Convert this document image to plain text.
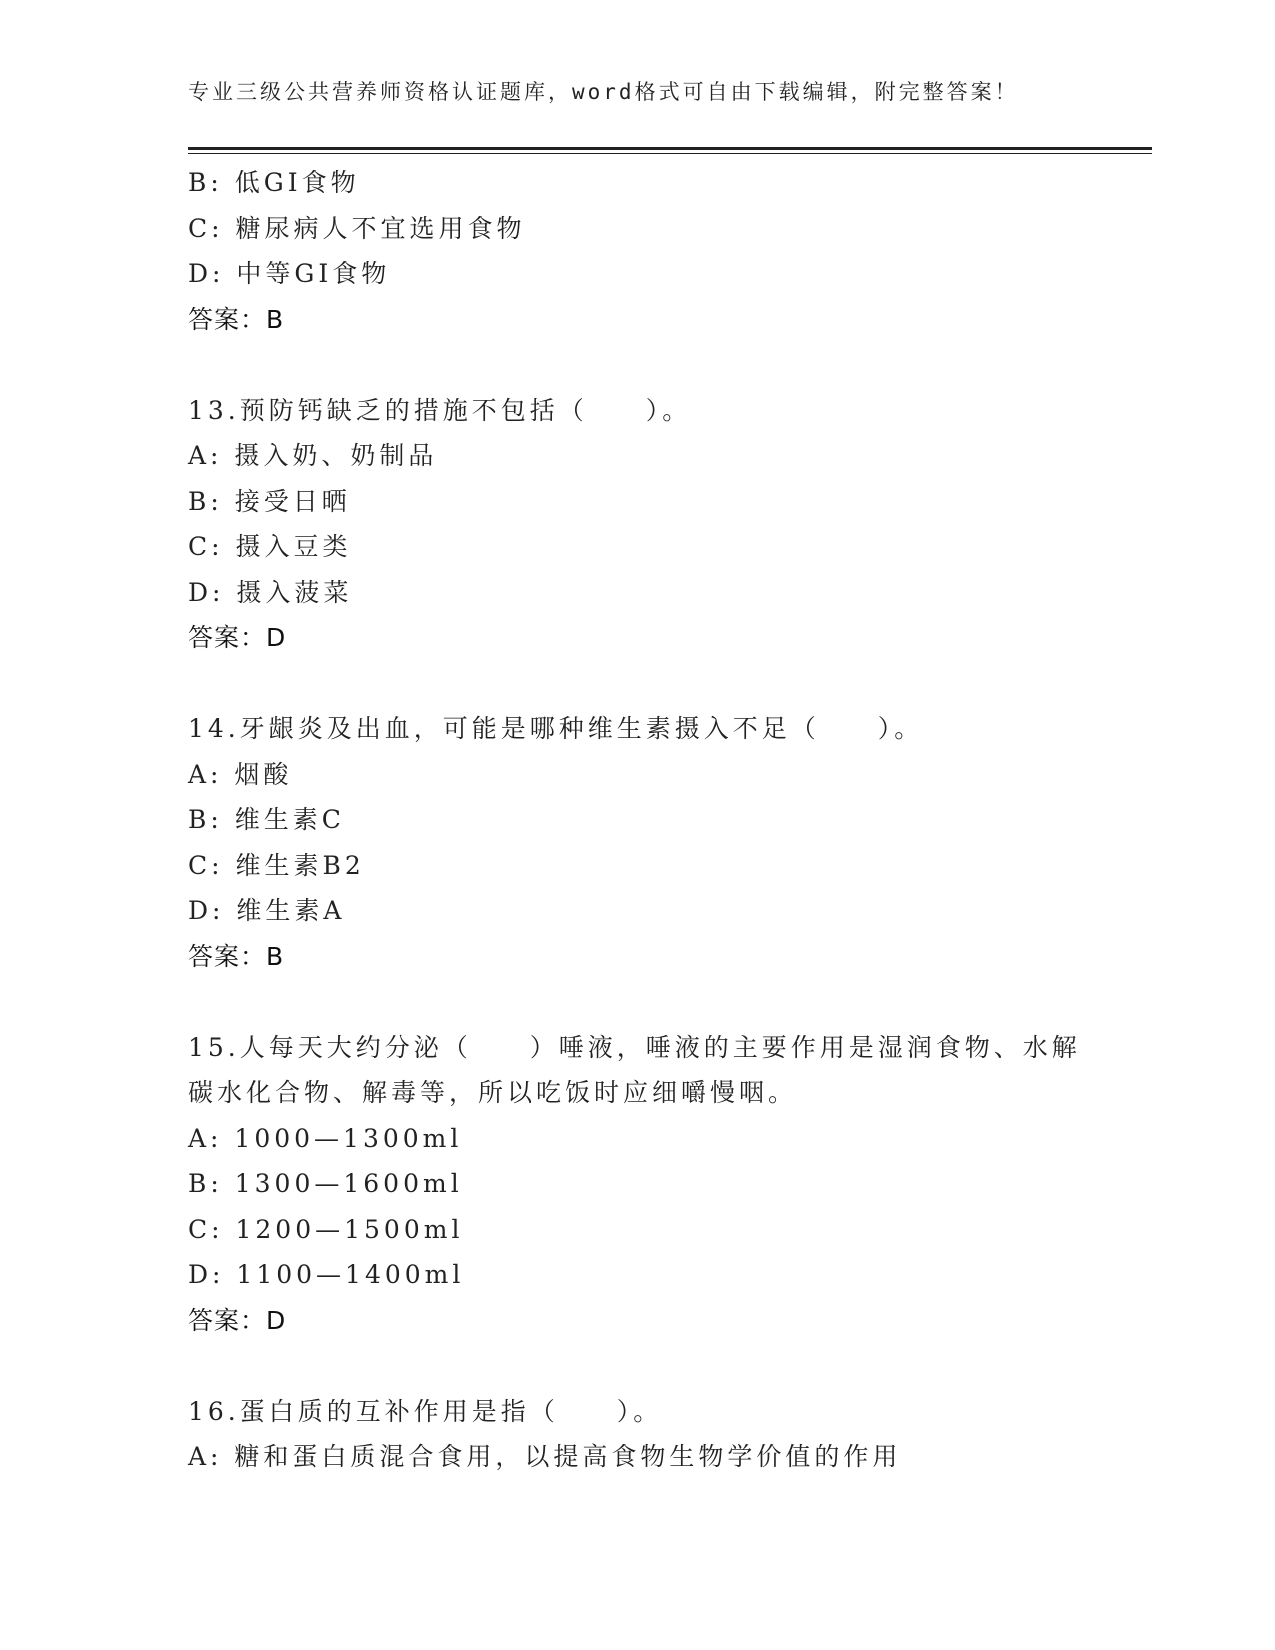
专业三级公共营养师资格认证题库，word格式可自由下载编辑，附完整答案！
B: 低GI食物
C: 糖尿病人不宜选用食物
D: 中等GI食物
答案：B
13.预防钙缺乏的措施不包括（　　）。
A: 摄入奶、奶制品
B: 接受日晒
C: 摄入豆类
D: 摄入菠菜
答案：D
14.牙龈炎及出血，可能是哪种维生素摄入不足（　　）。
A: 烟酸
B: 维生素C
C: 维生素B2
D: 维生素A
答案：B
15.人每天大约分泌（　　）唾液，唾液的主要作用是湿润食物、水解
碳水化合物、解毒等，所以吃饭时应细嚼慢咽。
A: 1000—1300ml
B: 1300—1600ml
C: 1200—1500ml
D: 1100—1400ml
答案：D
16.蛋白质的互补作用是指（　　）。
A: 糖和蛋白质混合食用，以提高食物生物学价值的作用
